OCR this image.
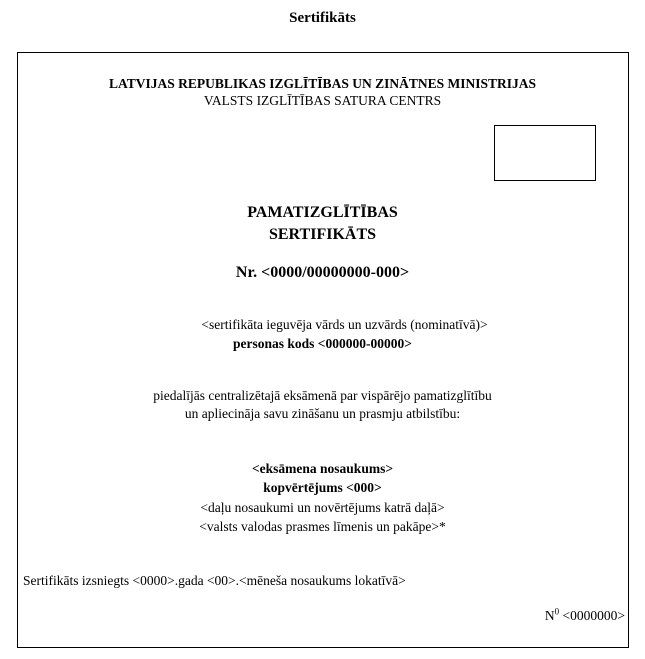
Sertifikāts
LATVIJAS REPUBLIKAS IZGLĪTĪBAS UN ZINĀTNES MINISTRIJAS
VALSTS IZGLĪTĪBAS SATURA CENTRS
PAMATIZGLĪTĪBAS
SERTIFIKĀTS
Nr. <0000/00000000-000>
<sertifikāta ieguvēja vārds un uzvārds (nominatīvā)>
personas kods <000000-00000>
piedalījās centralizētajā eksāmenā par vispārējo pamatizglītību
un apliecināja savu zināšanu un prasmju atbilstību:
<eksāmena nosaukums>
kopvērtējums <000>
<daļu nosaukumi un novērtējums katrā daļā>
<valsts valodas prasmes līmenis un pakāpe>*
Sertifikāts izsniegts <0000>.gada <00>.<mēneša nosaukums lokatīvā>
$N^0 <0000000>$
